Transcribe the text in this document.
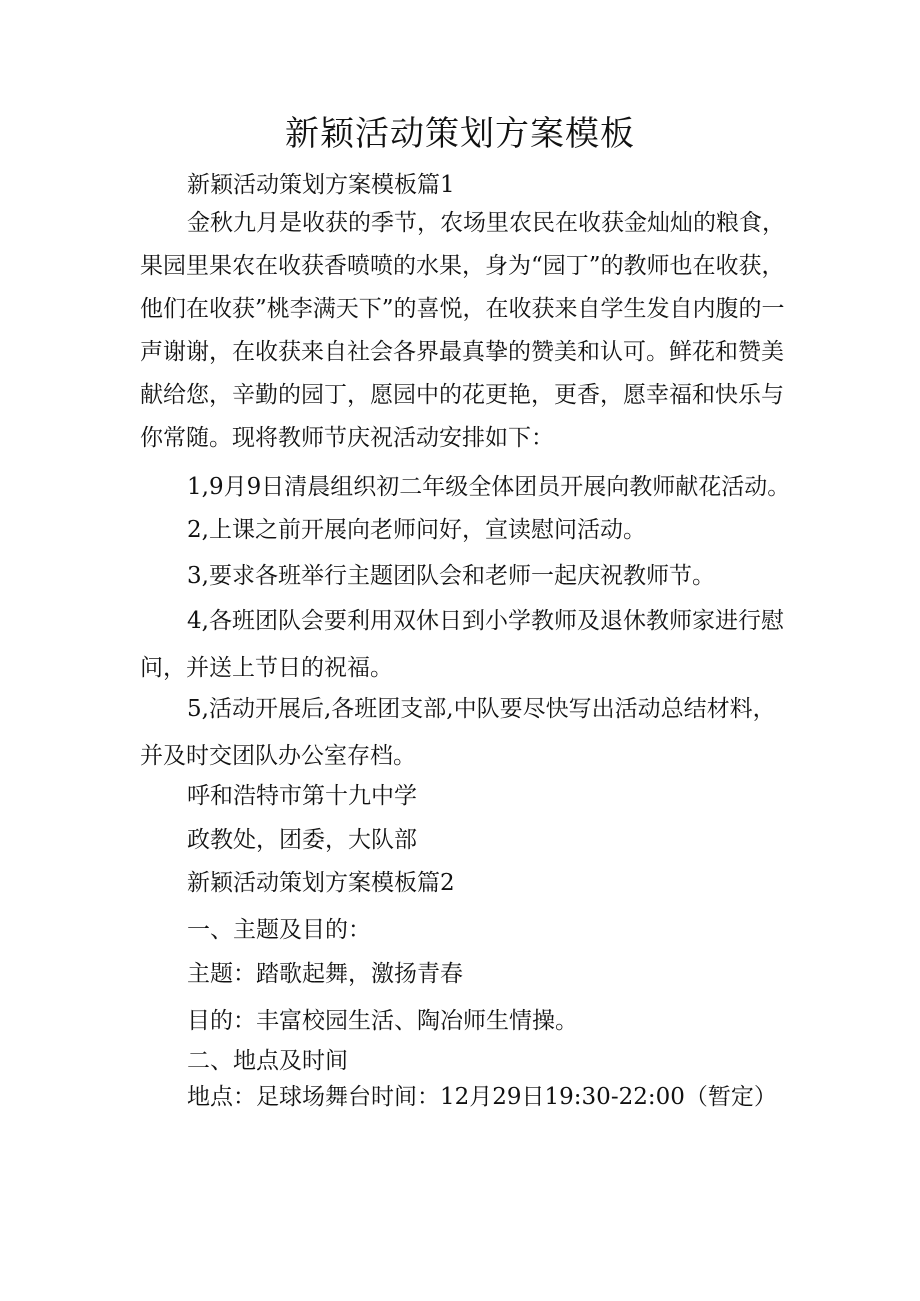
新颖活动策划方案模板

新颖活动策划方案模板篇1

金秋九月是收获的季节，农场里农民在收获金灿灿的粮食，果园里果农在收获香喷喷的水果，身为“园丁”的教师也在收获，他们在收获”桃李满天下”的喜悦，在收获来自学生发自内腹的一声谢谢，在收获来自社会各界最真挚的赞美和认可。鲜花和赞美献给您，辛勤的园丁，愿园中的花更艳，更香，愿幸福和快乐与你常随。现将教师节庆祝活动安排如下：

1,9月9日清晨组织初二年级全体团员开展向教师献花活动。

2,上课之前开展向老师问好，宣读慰问活动。

3,要求各班举行主题团队会和老师一起庆祝教师节。

4,各班团队会要利用双休日到小学教师及退休教师家进行慰问，并送上节日的祝福。

5,活动开展后,各班团支部,中队要尽快写出活动总结材料，并及时交团队办公室存档。

呼和浩特市第十九中学

政教处，团委，大队部

新颖活动策划方案模板篇2

一、主题及目的：

主题：踏歌起舞，激扬青春

目的：丰富校园生活、陶冶师生情操。

二、地点及时间

地点：足球场舞台时间：12月29日19:30-22:00（暂定）
